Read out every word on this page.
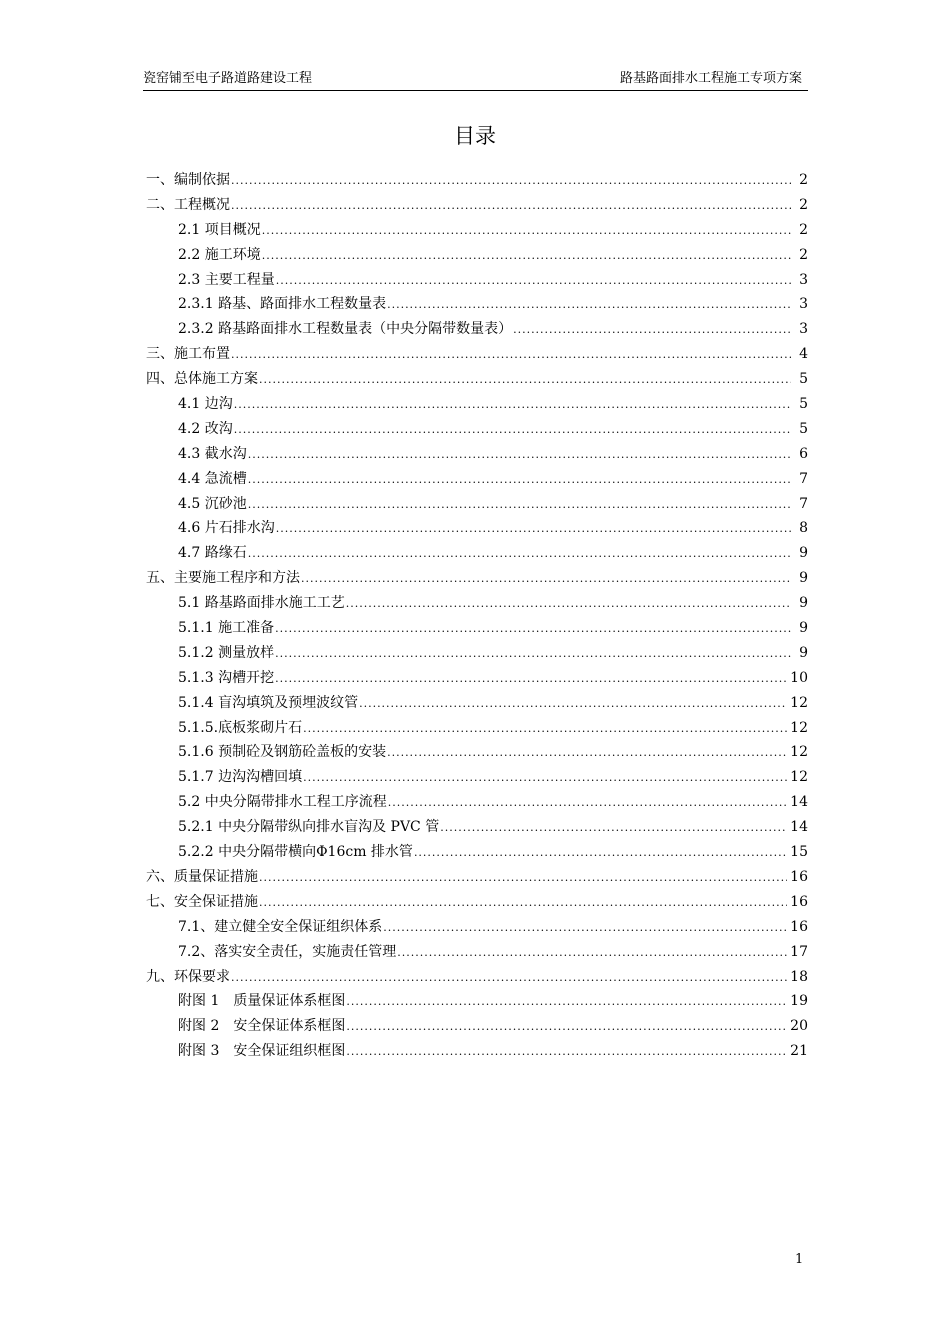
瓷窑铺至电子路道路建设工程	路基路面排水工程施工专项方案
目录
一、编制依据 .....	2
二、工程概况 .....	2
2.1 项目概况 .....	2
2.2 施工环境 .....	2
2.3 主要工程量 .....	3
2.3.1 路基、路面排水工程数量表 .....	3
2.3.2 路基路面排水工程数量表（中央分隔带数量表） .....	3
三、施工布置 .....	4
四、总体施工方案 .....	5
4.1 边沟 .....	5
4.2 改沟 .....	5
4.3 截水沟 .....	6
4.4 急流槽 .....	7
4.5 沉砂池 .....	7
4.6 片石排水沟 .....	8
4.7 路缘石 .....	9
五、主要施工程序和方法 .....	9
5.1 路基路面排水施工工艺 .....	9
5.1.1 施工准备 .....	9
5.1.2 测量放样 .....	9
5.1.3 沟槽开挖 .....	10
5.1.4 盲沟填筑及预埋波纹管 .....	12
5.1.5.底板浆砌片石 .....	12
5.1.6 预制砼及钢筋砼盖板的安装 .....	12
5.1.7 边沟沟槽回填 .....	12
5.2 中央分隔带排水工程工序流程 .....	14
5.2.1 中央分隔带纵向排水盲沟及 PVC 管 .....	14
5.2.2 中央分隔带横向Φ16cm 排水管 .....	15
六、质量保证措施 .....	16
七、安全保证措施 .....	16
7.1、建立健全安全保证组织体系 .....	16
7.2、落实安全责任，实施责任管理 .....	17
九、环保要求 .....	18
附图 1　质量保证体系框图 .....	19
附图 2　安全保证体系框图 .....	20
附图 3　安全保证组织框图 .....	21
1
